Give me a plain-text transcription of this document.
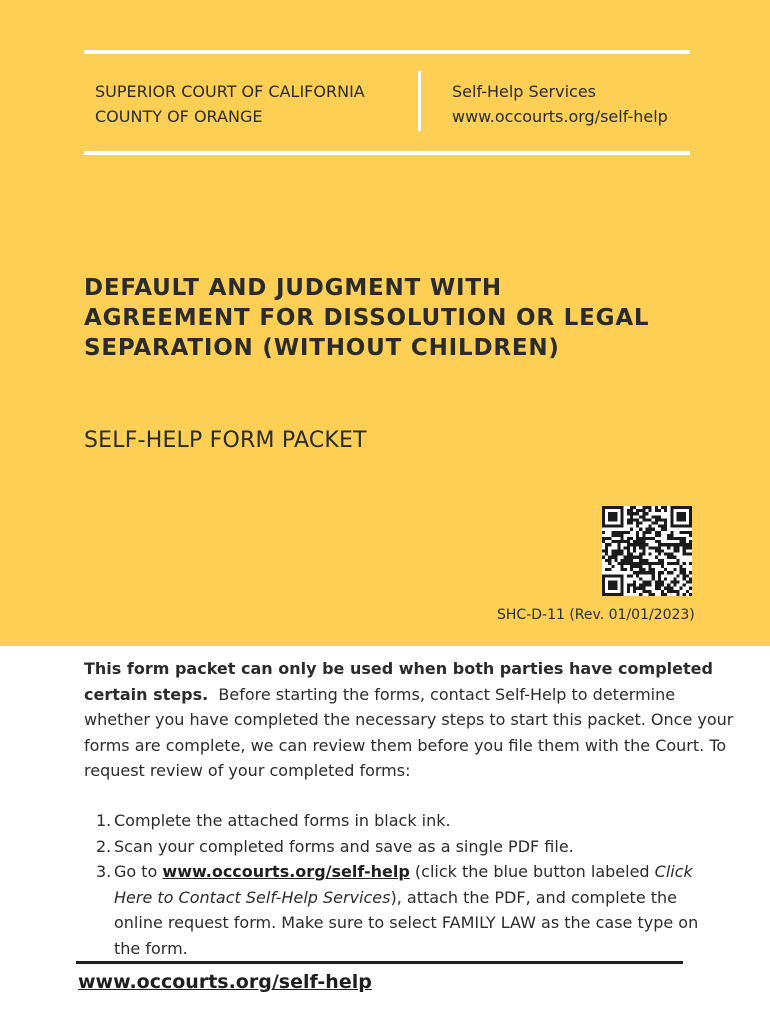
SUPERIOR COURT OF CALIFORNIA
COUNTY OF ORANGE
Self-Help Services
www.occourts.org/self-help
DEFAULT AND JUDGMENT WITH
AGREEMENT FOR DISSOLUTION OR LEGAL
SEPARATION (WITHOUT CHILDREN)
SELF-HELP FORM PACKET
SHC-D-11 (Rev. 01/01/2023)

This form packet can only be used when both parties have completed certain steps. Before starting the forms, contact Self-Help to determine whether you have completed the necessary steps to start this packet. Once your forms are complete, we can review them before you file them with the Court. To request review of your completed forms:

1. Complete the attached forms in black ink.
2. Scan your completed forms and save as a single PDF file.
3. Go to www.occourts.org/self-help (click the blue button labeled Click Here to Contact Self-Help Services), attach the PDF, and complete the online request form. Make sure to select FAMILY LAW as the case type on the form.
www.occourts.org/self-help
